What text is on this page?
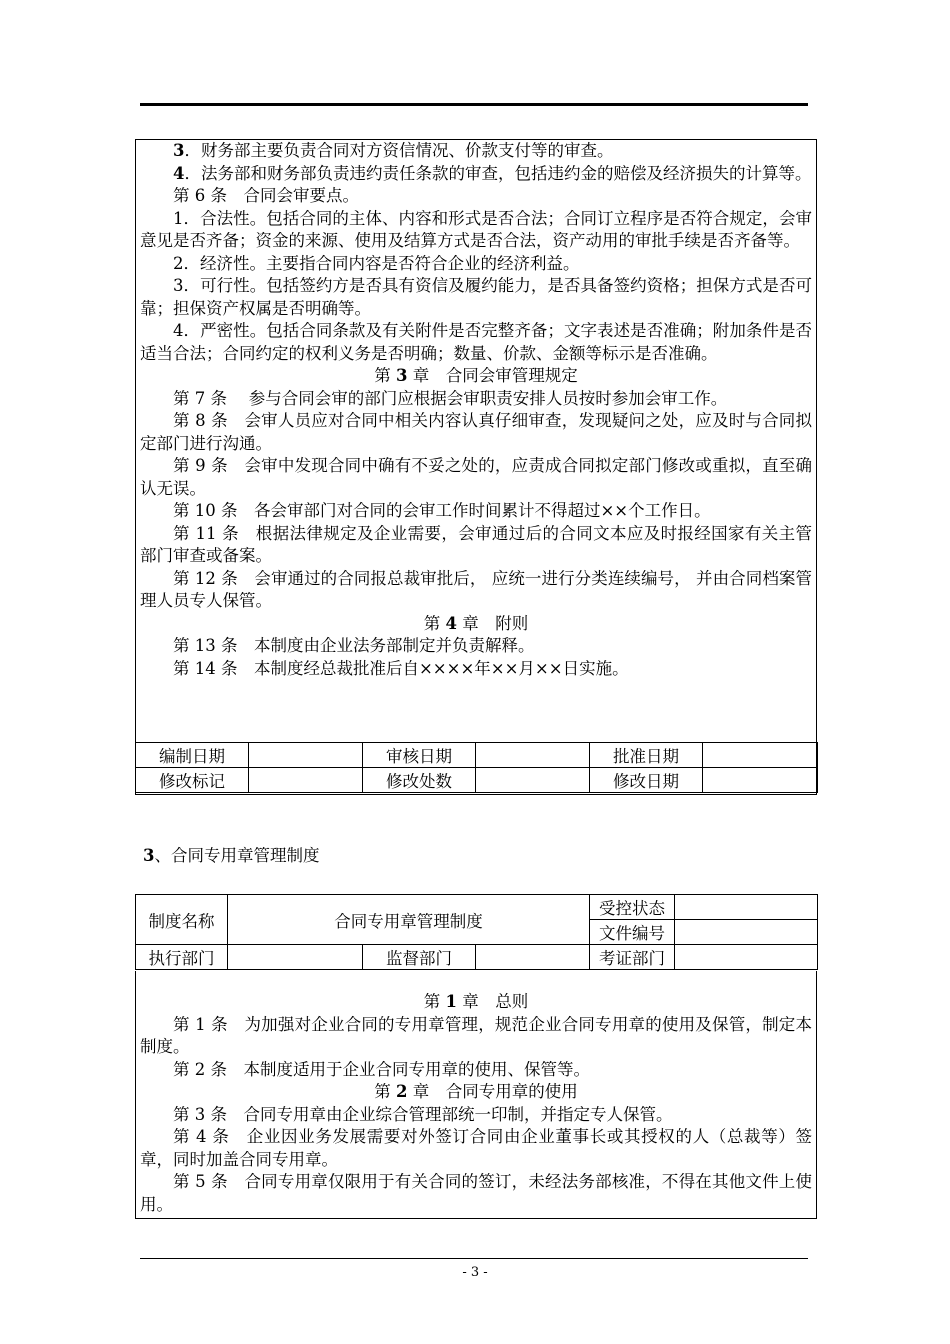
3．财务部主要负责合同对方资信情况、价款支付等的审查。

4．法务部和财务部负责违约责任条款的审查，包括违约金的赔偿及经济损失的计算等。

第 6 条　合同会审要点。

1．合法性。包括合同的主体、内容和形式是否合法；合同订立程序是否符合规定，会审意见是否齐备；资金的来源、使用及结算方式是否合法，资产动用的审批手续是否齐备等。

2．经济性。主要指合同内容是否符合企业的经济利益。

3．可行性。包括签约方是否具有资信及履约能力，是否具备签约资格；担保方式是否可靠；担保资产权属是否明确等。

4．严密性。包括合同条款及有关附件是否完整齐备；文字表述是否准确；附加条件是否适当合法；合同约定的权利义务是否明确；数量、价款、金额等标示是否准确。

第 3 章　合同会审管理规定

第 7 条　 参与合同会审的部门应根据会审职责安排人员按时参加会审工作。

第 8 条　会审人员应对合同中相关内容认真仔细审查，发现疑问之处，应及时与合同拟定部门进行沟通。

第 9 条　会审中发现合同中确有不妥之处的，应责成合同拟定部门修改或重拟，直至确认无误。

第 10 条　各会审部门对合同的会审工作时间累计不得超过××个工作日。

第 11 条　根据法律规定及企业需要，会审通过后的合同文本应及时报经国家有关主管部门审查或备案。

第 12 条　会审通过的合同报总裁审批后， 应统一进行分类连续编号， 并由合同档案管理人员专人保管。

第 4 章　附则

第 13 条　本制度由企业法务部制定并负责解释。

第 14 条　本制度经总裁批准后自××××年××月××日实施。

编制日期		审核日期		批准日期	
修改标记		修改处数		修改日期	
3、合同专用章管理制度
制度名称	合同专用章管理制度			受控状态	
				文件编号	
执行部门		监督部门		考证部门	

第 1 章　总则

第 1 条　为加强对企业合同的专用章管理，规范企业合同专用章的使用及保管，制定本制度。

第 2 条　本制度适用于企业合同专用章的使用、保管等。

第 2 章　合同专用章的使用

第 3 条　合同专用章由企业综合管理部统一印制，并指定专人保管。

第 4 条　企业因业务发展需要对外签订合同由企业董事长或其授权的人（总裁等）签章，同时加盖合同专用章。

第 5 条　合同专用章仅限用于有关合同的签订，未经法务部核准，不得在其他文件上使用。

- 3 -
